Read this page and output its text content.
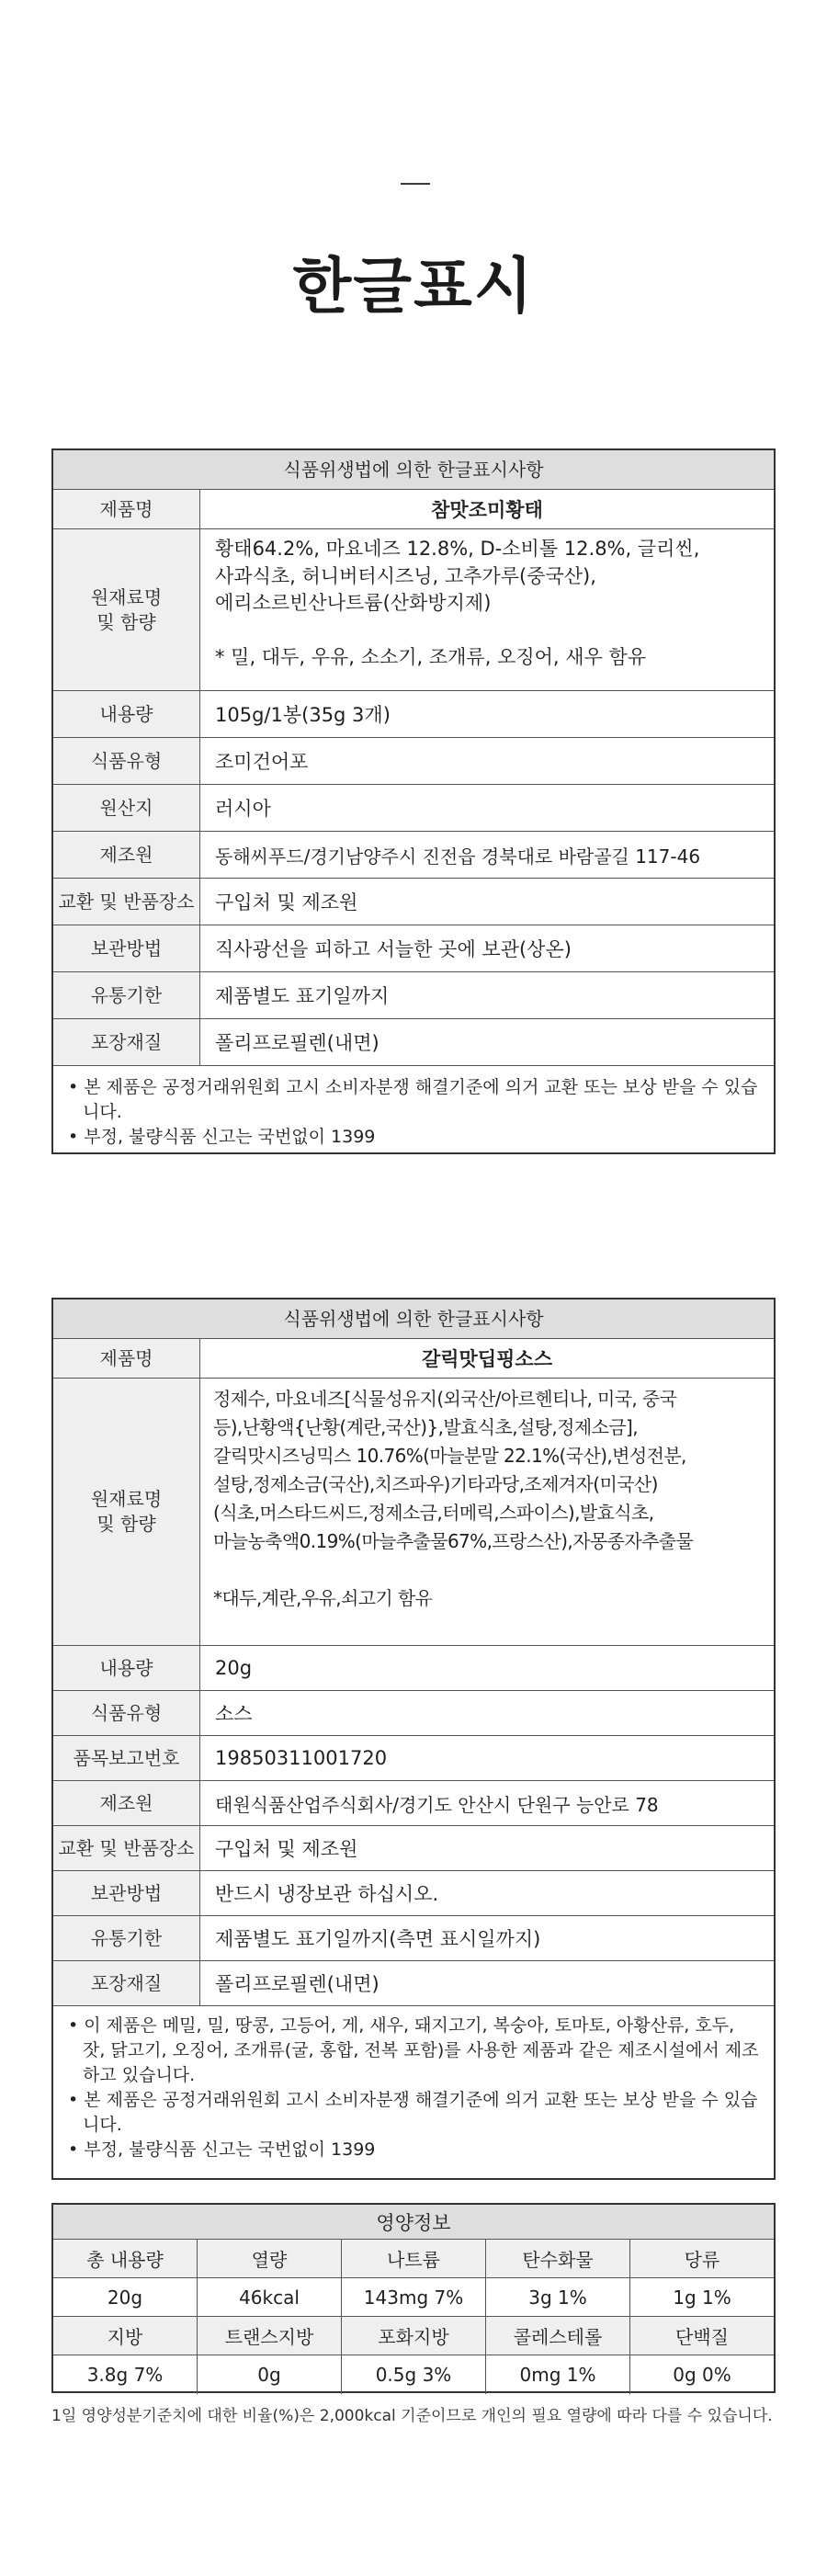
한글표시
식품위생법에 의한 한글표시사항
제품명	참맛조미황태
원재료명
및 함량
황태64.2%, 마요네즈 12.8%, D-소비톨 12.8%, 글리씬,
사과식초, 허니버터시즈닝, 고추가루(중국산),
에리소르빈산나트륨(산화방지제)

* 밀, 대두, 우유, 소소기, 조개류, 오징어, 새우 함유
내용량	105g/1봉(35g 3개)
식품유형	조미건어포
원산지	러시아
제조원	동해씨푸드/경기남양주시 진전읍 경북대로 바람골길 117-46
교환 및 반품장소	구입처 및 제조원
보관방법	직사광선을 피하고 서늘한 곳에 보관(상온)
유통기한	제품별도 표기일까지
포장재질	폴리프로필렌(내면)
• 본 제품은 공정거래위원회 고시 소비자분쟁 해결기준에 의거 교환 또는 보상 받을 수 있습니다.
• 부정, 불량식품 신고는 국번없이 1399
식품위생법에 의한 한글표시사항
제품명	갈릭맛딥핑소스
원재료명
및 함량
정제수, 마요네즈[식물성유지(외국산/아르헨티나, 미국, 중국
등),난황액{난황(계란,국산)},발효식초,설탕,정제소금],
갈릭맛시즈닝믹스 10.76%(마늘분말 22.1%(국산),변성전분,
설탕,정제소금(국산),치즈파우)기타과당,조제겨자(미국산)
(식초,머스타드씨드,정제소금,터메릭,스파이스),발효식초,
마늘농축액0.19%(마늘추출물67%,프랑스산),자몽종자추출물

*대두,계란,우유,쇠고기 함유
내용량	20g
식품유형	소스
품목보고번호	19850311001720
제조원	태원식품산업주식회사/경기도 안산시 단원구 능안로 78
교환 및 반품장소	구입처 및 제조원
보관방법	반드시 냉장보관 하십시오.
유통기한	제품별도 표기일까지(측면 표시일까지)
포장재질	폴리프로필렌(내면)
• 이 제품은 메밀, 밀, 땅콩, 고등어, 게, 새우, 돼지고기, 복숭아, 토마토, 아황산류, 호두, 잣, 닭고기, 오징어, 조개류(굴, 홍합, 전복 포함)를 사용한 제품과 같은 제조시설에서 제조하고 있습니다.
• 본 제품은 공정거래위원회 고시 소비자분쟁 해결기준에 의거 교환 또는 보상 받을 수 있습니다.
• 부정, 불량식품 신고는 국번없이 1399
영양정보
총 내용량	열량	나트륨	탄수화물	당류
20g	46kcal	143mg 7%	3g 1%	1g 1%
지방	트랜스지방	포화지방	콜레스테롤	단백질
3.8g 7%	0g	0.5g 3%	0mg 1%	0g 0%
1일 영양성분기준치에 대한 비율(%)은 2,000kcal 기준이므로 개인의 필요 열량에 따라 다를 수 있습니다.
